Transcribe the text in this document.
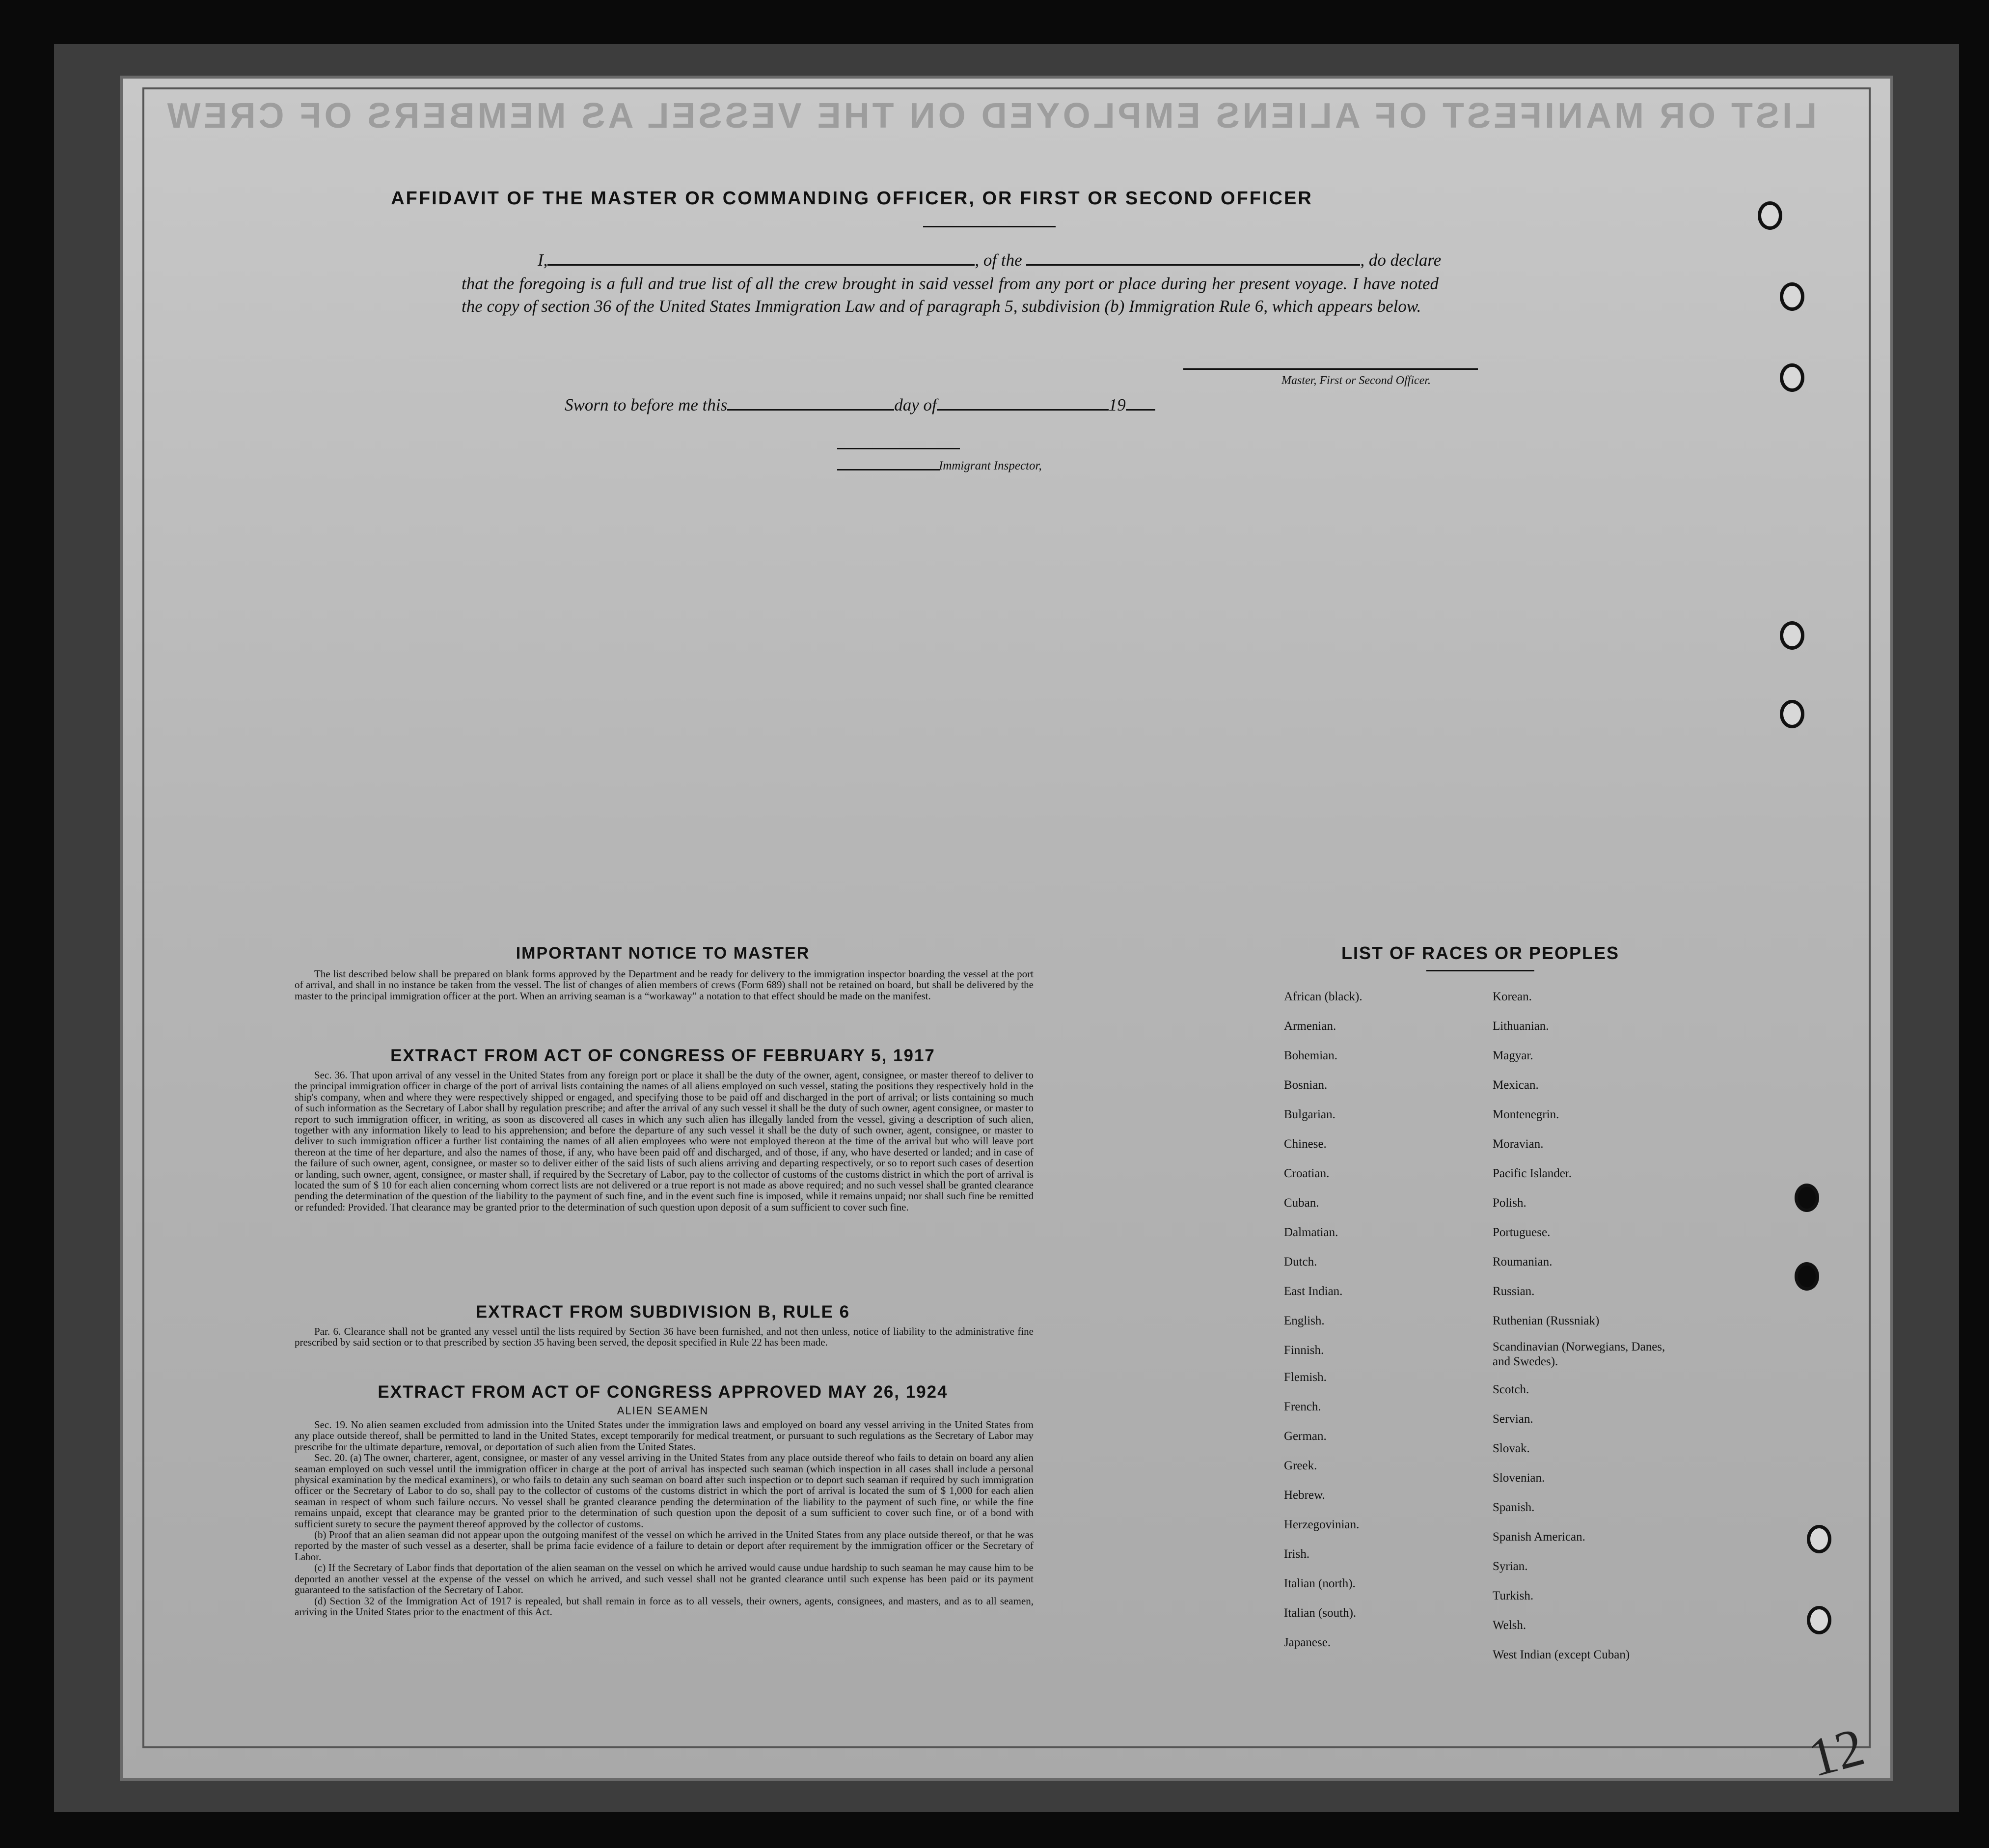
LIST OR MANIFEST OF ALIENS EMPLOYED ON THE VESSEL AS MEMBERS OF CREW
AFFIDAVIT OF THE MASTER OR COMMANDING OFFICER, OR FIRST OR SECOND OFFICER
I,	, of the	, do declare
that the foregoing is a full and true list of all the crew brought in said vessel from any port or place during her present voyage. I have noted the copy of section 36 of the United States Immigration Law and of paragraph 5, subdivision (b) Immigration Rule 6, which appears below.
Master, First or Second Officer.
Sworn to before me this	day of	19
Immigrant Inspector,
IMPORTANT NOTICE TO MASTER
The list described below shall be prepared on blank forms approved by the Department and be ready for delivery to the immigration inspector boarding the vessel at the port of arrival, and shall in no instance be taken from the vessel. The list of changes of alien members of crews (Form 689) shall not be retained on board, but shall be delivered by the master to the principal immigration officer at the port. When an arriving seaman is a “workaway” a notation to that effect should be made on the manifest.
EXTRACT FROM ACT OF CONGRESS OF FEBRUARY 5, 1917
Sec. 36. That upon arrival of any vessel in the United States from any foreign port or place it shall be the duty of the owner, agent, consignee, or master thereof to deliver to the principal immigration officer in charge of the port of arrival lists containing the names of all aliens employed on such vessel, stating the positions they respectively hold in the ship's company, when and where they were respectively shipped or engaged, and specifying those to be paid off and discharged in the port of arrival; or lists containing so much of such information as the Secretary of Labor shall by regulation prescribe; and after the arrival of any such vessel it shall be the duty of such owner, agent consignee, or master to report to such immigration officer, in writing, as soon as discovered all cases in which any such alien has illegally landed from the vessel, giving a description of such alien, together with any information likely to lead to his apprehension; and before the departure of any such vessel it shall be the duty of such owner, agent, consignee, or master to deliver to such immigration officer a further list containing the names of all alien employees who were not employed thereon at the time of the arrival but who will leave port thereon at the time of her departure, and also the names of those, if any, who have been paid off and discharged, and of those, if any, who have deserted or landed; and in case of the failure of such owner, agent, consignee, or master so to deliver either of the said lists of such aliens arriving and departing respectively, or so to report such cases of desertion or landing, such owner, agent, consignee, or master shall, if required by the Secretary of Labor, pay to the collector of customs of the customs district in which the port of arrival is located the sum of $ 10 for each alien concerning whom correct lists are not delivered or a true report is not made as above required; and no such vessel shall be granted clearance pending the determination of the question of the liability to the payment of such fine, and in the event such fine is imposed, while it remains unpaid; nor shall such fine be remitted or refunded: Provided. That clearance may be granted prior to the determination of such question upon deposit of a sum sufficient to cover such fine.
EXTRACT FROM SUBDIVISION B, RULE 6
Par. 6. Clearance shall not be granted any vessel until the lists required by Section 36 have been furnished, and not then unless, notice of liability to the administrative fine prescribed by said section or to that prescribed by section 35 having been served, the deposit specified in Rule 22 has been made.
EXTRACT FROM ACT OF CONGRESS APPROVED MAY 26, 1924
ALIEN SEAMEN

Sec. 19. No alien seamen excluded from admission into the United States under the immigration laws and employed on board any vessel arriving in the United States from any place outside thereof, shall be permitted to land in the United States, except temporarily for medical treatment, or pursuant to such regulations as the Secretary of Labor may prescribe for the ultimate departure, removal, or deportation of such alien from the United States.

Sec. 20. (a) The owner, charterer, agent, consignee, or master of any vessel arriving in the United States from any place outside thereof who fails to detain on board any alien seaman employed on such vessel until the immigration officer in charge at the port of arrival has inspected such seaman (which inspection in all cases shall include a personal physical examination by the medical examiners), or who fails to detain any such seaman on board after such inspection or to deport such seaman if required by such immigration officer or the Secretary of Labor to do so, shall pay to the collector of customs of the customs district in which the port of arrival is located the sum of $ 1,000 for each alien seaman in respect of whom such failure occurs. No vessel shall be granted clearance pending the determination of the liability to the payment of such fine, or while the fine remains unpaid, except that clearance may be granted prior to the determination of such question upon the deposit of a sum sufficient to cover such fine, or of a bond with sufficient surety to secure the payment thereof approved by the collector of customs.

(b) Proof that an alien seaman did not appear upon the outgoing manifest of the vessel on which he arrived in the United States from any place outside thereof, or that he was reported by the master of such vessel as a deserter, shall be prima facie evidence of a failure to detain or deport after requirement by the immigration officer or the Secretary of Labor.

(c) If the Secretary of Labor finds that deportation of the alien seaman on the vessel on which he arrived would cause undue hardship to such seaman he may cause him to be deported an another vessel at the expense of the vessel on which he arrived, and such vessel shall not be granted clearance until such expense has been paid or its payment guaranteed to the satisfaction of the Secretary of Labor.

(d) Section 32 of the Immigration Act of 1917 is repealed, but shall remain in force as to all vessels, their owners, agents, consignees, and masters, and as to all seamen, arriving in the United States prior to the enactment of this Act.

LIST OF RACES OR PEOPLES
African (black).
Armenian.
Bohemian.
Bosnian.
Bulgarian.
Chinese.
Croatian.
Cuban.
Dalmatian.
Dutch.
East Indian.
English.
Finnish.
Flemish.
French.
German.
Greek.
Hebrew.
Herzegovinian.
Irish.
Italian (north).
Italian (south).
Japanese.
Korean.
Lithuanian.
Magyar.
Mexican.
Montenegrin.
Moravian.
Pacific Islander.
Polish.
Portuguese.
Roumanian.
Russian.
Ruthenian (Russniak)
Scandinavian (Norwegians, Danes, and Swedes).
Scotch.
Servian.
Slovak.
Slovenian.
Spanish.
Spanish American.
Syrian.
Turkish.
Welsh.
West Indian (except Cuban)
12
